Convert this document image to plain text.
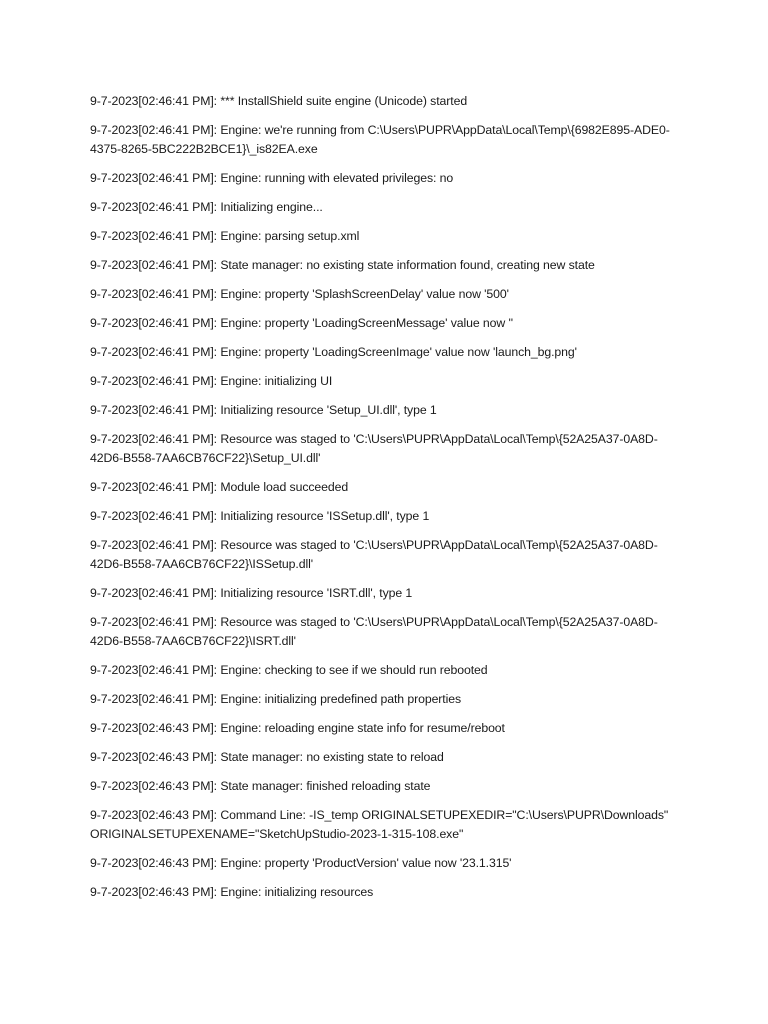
9-7-2023[02:46:41 PM]: *** InstallShield suite engine (Unicode) started
9-7-2023[02:46:41 PM]: Engine: we're running from C:\Users\PUPR\AppData\Local\Temp\{6982E895-ADE0-4375-8265-5BC222B2BCE1}\_is82EA.exe
9-7-2023[02:46:41 PM]: Engine: running with elevated privileges: no
9-7-2023[02:46:41 PM]: Initializing engine...
9-7-2023[02:46:41 PM]: Engine: parsing setup.xml
9-7-2023[02:46:41 PM]: State manager: no existing state information found, creating new state
9-7-2023[02:46:41 PM]: Engine: property 'SplashScreenDelay' value now '500'
9-7-2023[02:46:41 PM]: Engine: property 'LoadingScreenMessage' value now ''
9-7-2023[02:46:41 PM]: Engine: property 'LoadingScreenImage' value now 'launch_bg.png'
9-7-2023[02:46:41 PM]: Engine: initializing UI
9-7-2023[02:46:41 PM]: Initializing resource 'Setup_UI.dll', type 1
9-7-2023[02:46:41 PM]: Resource was staged to 'C:\Users\PUPR\AppData\Local\Temp\{52A25A37-0A8D-42D6-B558-7AA6CB76CF22}\Setup_UI.dll'
9-7-2023[02:46:41 PM]: Module load succeeded
9-7-2023[02:46:41 PM]: Initializing resource 'ISSetup.dll', type 1
9-7-2023[02:46:41 PM]: Resource was staged to 'C:\Users\PUPR\AppData\Local\Temp\{52A25A37-0A8D-42D6-B558-7AA6CB76CF22}\ISSetup.dll'
9-7-2023[02:46:41 PM]: Initializing resource 'ISRT.dll', type 1
9-7-2023[02:46:41 PM]: Resource was staged to 'C:\Users\PUPR\AppData\Local\Temp\{52A25A37-0A8D-42D6-B558-7AA6CB76CF22}\ISRT.dll'
9-7-2023[02:46:41 PM]: Engine: checking to see if we should run rebooted
9-7-2023[02:46:41 PM]: Engine: initializing predefined path properties
9-7-2023[02:46:43 PM]: Engine: reloading engine state info for resume/reboot
9-7-2023[02:46:43 PM]: State manager: no existing state to reload
9-7-2023[02:46:43 PM]: State manager: finished reloading state
9-7-2023[02:46:43 PM]: Command Line: -IS_temp ORIGINALSETUPEXEDIR="C:\Users\PUPR\Downloads" ORIGINALSETUPEXENAME="SketchUpStudio-2023-1-315-108.exe"
9-7-2023[02:46:43 PM]: Engine: property 'ProductVersion' value now '23.1.315'
9-7-2023[02:46:43 PM]: Engine: initializing resources
